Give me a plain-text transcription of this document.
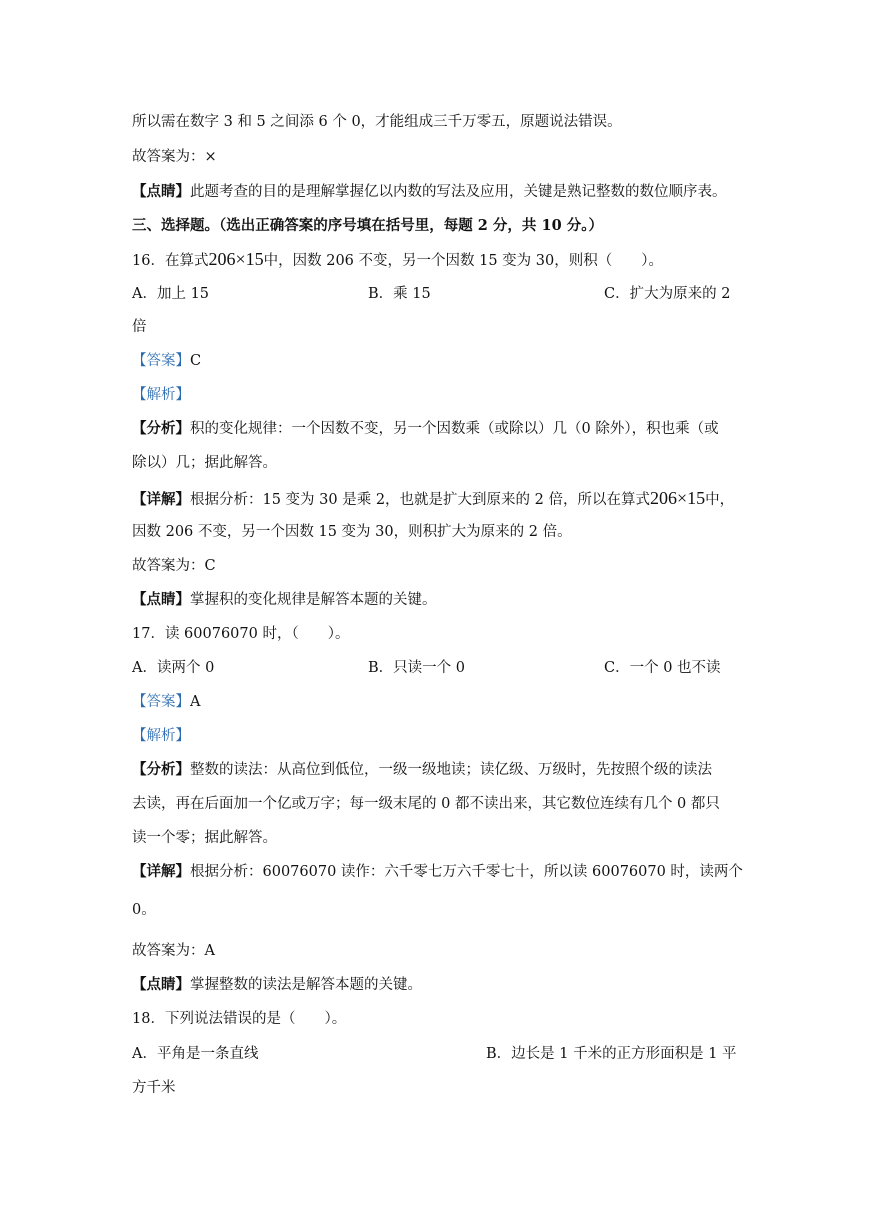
所以需在数字 3 和 5 之间添 6 个 0，才能组成三千万零五，原题说法错误。
故答案为：×
【点睛】此题考查的目的是理解掌握亿以内数的写法及应用，关键是熟记整数的数位顺序表。
三、选择题。（选出正确答案的序号填在括号里，每题 2 分，共 10 分。）
16．在算式206×15中，因数 206 不变，另一个因数 15 变为 30，则积（　　）。
A．加上 15	B．乘 15	C．扩大为原来的 2
倍
【答案】C
【解析】
【分析】积的变化规律：一个因数不变，另一个因数乘（或除以）几（0 除外），积也乘（或
除以）几；据此解答。
【详解】根据分析：15 变为 30 是乘 2，也就是扩大到原来的 2 倍，所以在算式206×15中，
因数 206 不变，另一个因数 15 变为 30，则积扩大为原来的 2 倍。
故答案为：C
【点睛】掌握积的变化规律是解答本题的关键。
17．读 60076070 时，（　　）。
A．读两个 0	B．只读一个 0	C．一个 0 也不读
【答案】A
【解析】
【分析】整数的读法：从高位到低位，一级一级地读；读亿级、万级时，先按照个级的读法
去读，再在后面加一个亿或万字；每一级末尾的 0 都不读出来，其它数位连续有几个 0 都只
读一个零；据此解答。
【详解】根据分析：60076070 读作：六千零七万六千零七十，所以读 60076070 时，读两个
0。
故答案为：A
【点睛】掌握整数的读法是解答本题的关键。
18．下列说法错误的是（　　）。
A．平角是一条直线	B．边长是 1 千米的正方形面积是 1 平
方千米
